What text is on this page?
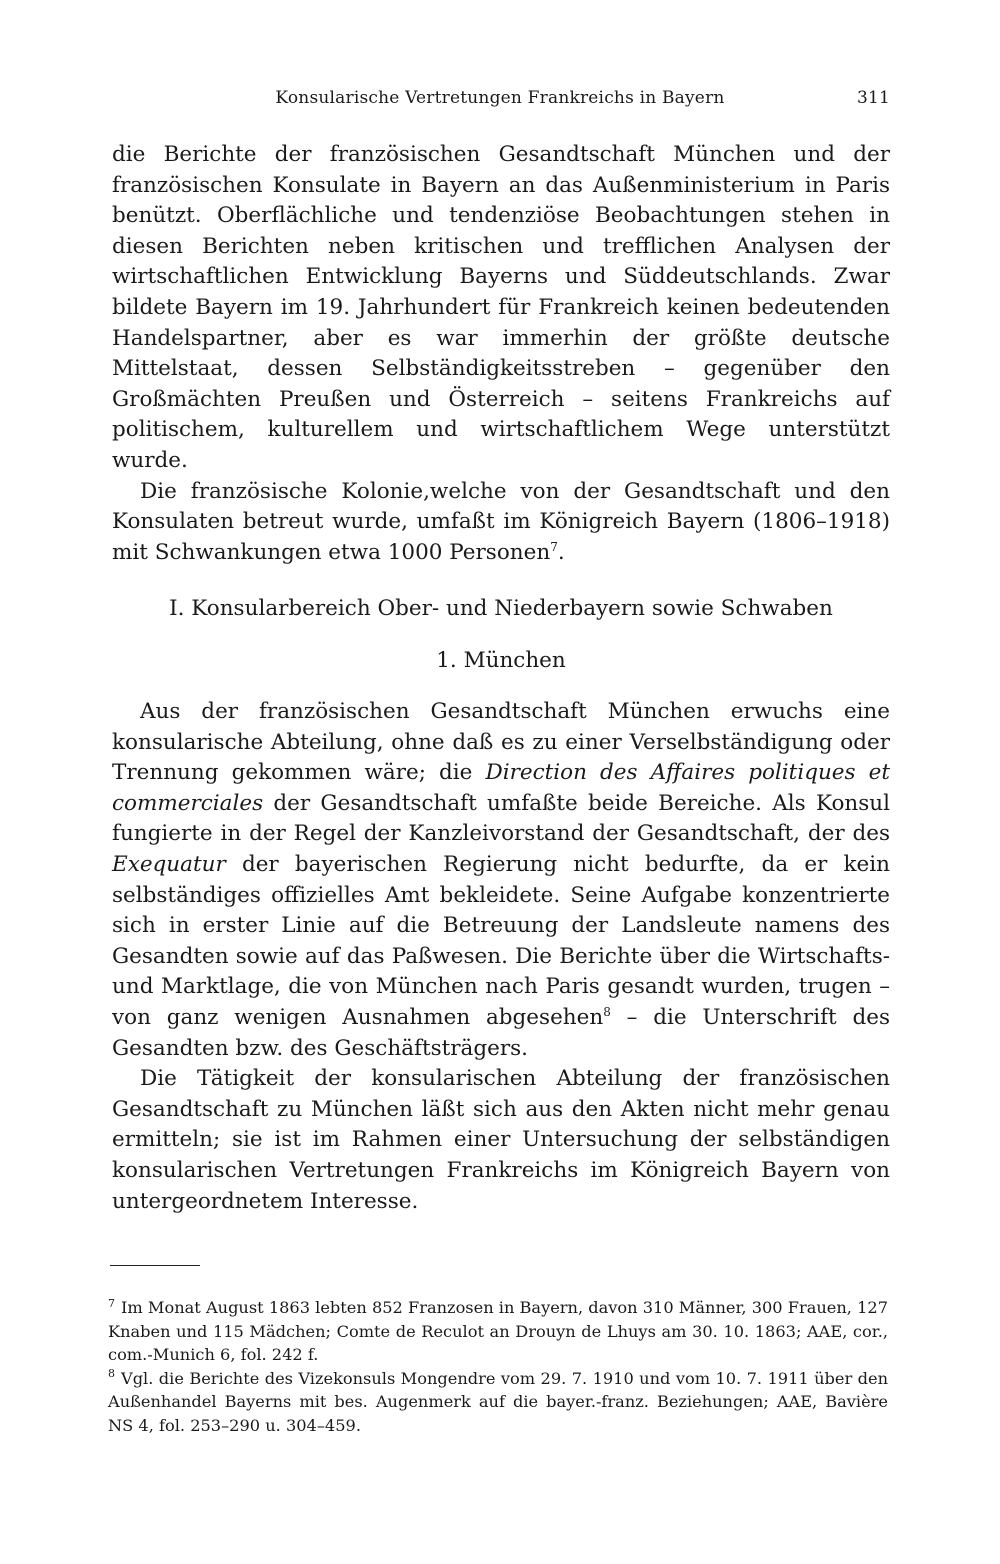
Konsularische Vertretungen Frankreichs in Bayern	311

die Berichte der französischen Gesandtschaft München und der französischen Konsulate in Bayern an das Außenministerium in Paris benützt. Oberflächliche und tendenziöse Beobachtungen stehen in diesen Berichten neben kritischen und trefflichen Analysen der wirtschaftlichen Entwicklung Bayerns und Süddeutschlands. Zwar bildete Bayern im 19. Jahrhundert für Frankreich keinen bedeutenden Handelspartner, aber es war immerhin der größte deutsche Mittelstaat, dessen Selbständigkeitsstreben – gegenüber den Großmächten Preußen und Österreich – seitens Frankreichs auf politischem, kulturellem und wirtschaftlichem Wege unterstützt wurde.

Die französische Kolonie,welche von der Gesandtschaft und den Konsulaten betreut wurde, umfaßt im Königreich Bayern (1806–1918) mit Schwankungen etwa 1000 Personen$^7$.

I. Konsularbereich Ober- und Niederbayern sowie Schwaben
1. München

Aus der französischen Gesandtschaft München erwuchs eine konsularische Abteilung, ohne daß es zu einer Verselbständigung oder Trennung gekommen wäre; die Direction des Affaires politiques et commerciales der Gesandtschaft umfaßte beide Bereiche. Als Konsul fungierte in der Regel der Kanzleivorstand der Gesandtschaft, der des Exequatur der bayerischen Regierung nicht bedurfte, da er kein selbständiges offizielles Amt bekleidete. Seine Aufgabe konzentrierte sich in erster Linie auf die Betreuung der Landsleute namens des Gesandten sowie auf das Paßwesen. Die Berichte über die Wirtschafts- und Marktlage, die von München nach Paris gesandt wurden, trugen – von ganz wenigen Ausnahmen abgesehen$^8$ – die Unterschrift des Gesandten bzw. des Geschäftsträgers.

Die Tätigkeit der konsularischen Abteilung der französischen Gesandtschaft zu München läßt sich aus den Akten nicht mehr genau ermitteln; sie ist im Rahmen einer Untersuchung der selbständigen konsularischen Vertretungen Frankreichs im Königreich Bayern von untergeordnetem Interesse.

$^7$ Im Monat August 1863 lebten 852 Franzosen in Bayern, davon 310 Männer, 300 Frauen, 127 Knaben und 115 Mädchen; Comte de Reculot an Drouyn de Lhuys am 30. 10. 1863; AAE, cor., com.-Munich 6, fol. 242 f.

$^8$ Vgl. die Berichte des Vizekonsuls Mongendre vom 29. 7. 1910 und vom 10. 7. 1911 über den Außenhandel Bayerns mit bes. Augenmerk auf die bayer.-franz. Beziehungen; AAE, Bavière NS 4, fol. 253–290 u. 304–459.
